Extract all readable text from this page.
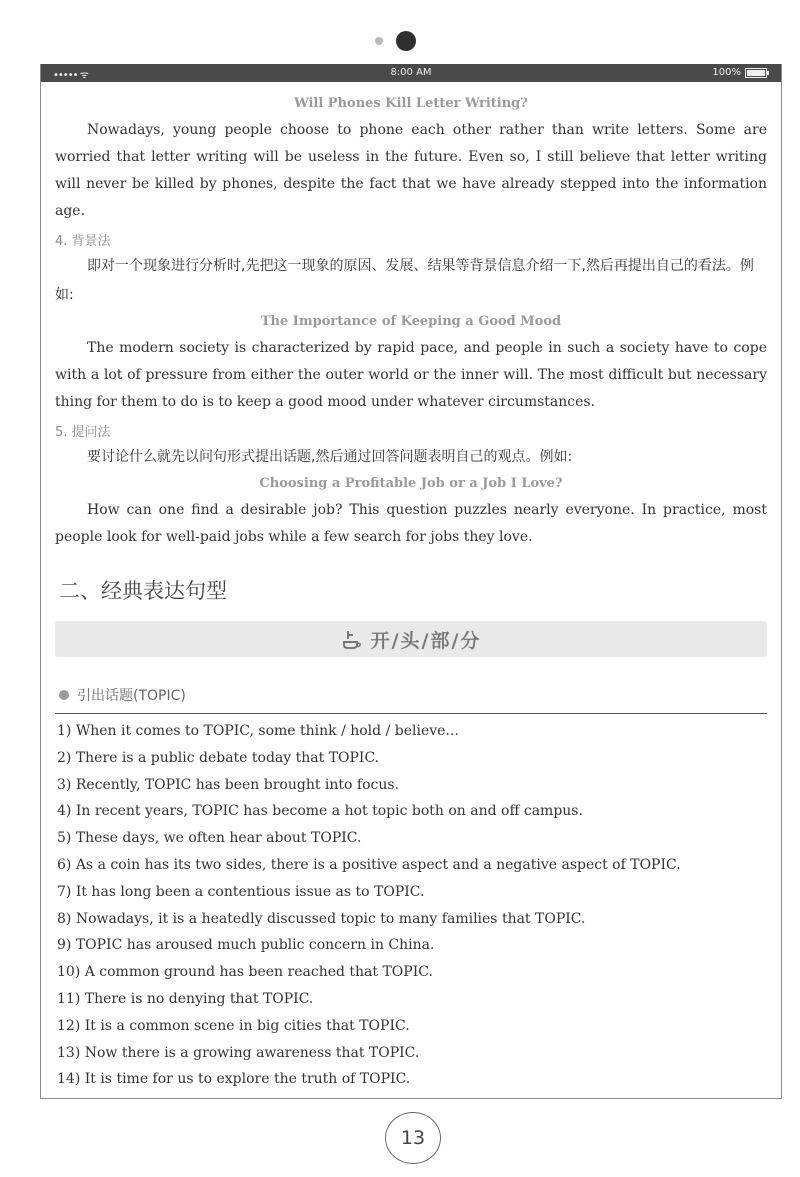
••••• ᯤ	8:00 AM	100%
Will Phones Kill Letter Writing?

Nowadays, young people choose to phone each other rather than write letters. Some are worried that letter writing will be useless in the future. Even so, I still believe that letter writing will never be killed by phones, despite the fact that we have already stepped into the information age.

4. 背景法

即对一个现象进行分析时,先把这一现象的原因、发展、结果等背景信息介绍一下,然后再提出自己的看法。例如:

The Importance of Keeping a Good Mood

The modern society is characterized by rapid pace, and people in such a society have to cope with a lot of pressure from either the outer world or the inner will. The most difficult but necessary thing for them to do is to keep a good mood under whatever circumstances.

5. 提问法

要讨论什么就先以问句形式提出话题,然后通过回答问题表明自己的观点。例如:

Choosing a Profitable Job or a Job I Love?

How can one find a desirable job? This question puzzles nearly everyone. In practice, most people look for well-paid jobs while a few search for jobs they love.

二、经典表达句型
开/头/部/分
引出话题(TOPIC)
1) When it comes to TOPIC, some think / hold / believe...
2) There is a public debate today that TOPIC.
3) Recently, TOPIC has been brought into focus.
4) In recent years, TOPIC has become a hot topic both on and off campus.
5) These days, we often hear about TOPIC.
6) As a coin has its two sides, there is a positive aspect and a negative aspect of TOPIC.
7) It has long been a contentious issue as to TOPIC.
8) Nowadays, it is a heatedly discussed topic to many families that TOPIC.
9) TOPIC has aroused much public concern in China.
10) A common ground has been reached that TOPIC.
11) There is no denying that TOPIC.
12) It is a common scene in big cities that TOPIC.
13) Now there is a growing awareness that TOPIC.
14) It is time for us to explore the truth of TOPIC.
13
